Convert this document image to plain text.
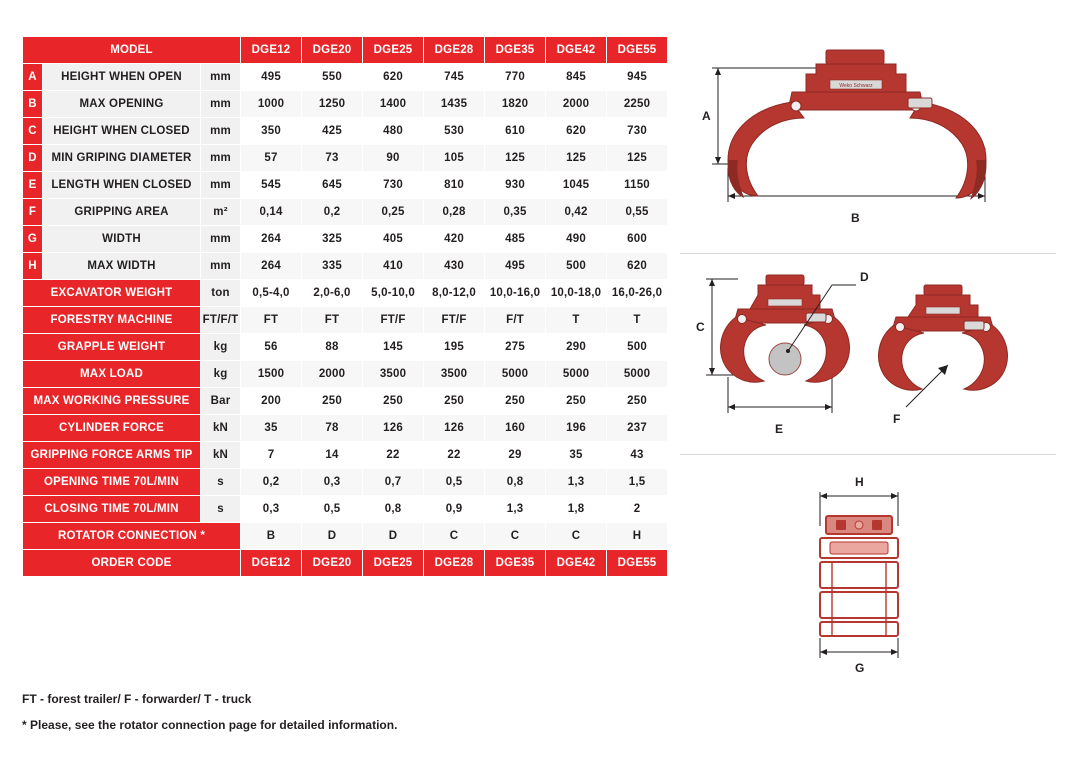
MODEL			DGE12	DGE20	DGE25	DGE28	DGE35	DGE42	DGE55
A	HEIGHT WHEN OPEN	mm	495	550	620	745	770	845	945
B	MAX OPENING	mm	1000	1250	1400	1435	1820	2000	2250
C	HEIGHT WHEN CLOSED	mm	350	425	480	530	610	620	730
D	MIN GRIPING DIAMETER	mm	57	73	90	105	125	125	125
E	LENGTH WHEN CLOSED	mm	545	645	730	810	930	1045	1150
F	GRIPPING AREA	m²	0,14	0,2	0,25	0,28	0,35	0,42	0,55
G	WIDTH	mm	264	325	405	420	485	490	600
H	MAX WIDTH	mm	264	335	410	430	495	500	620
EXCAVATOR WEIGHT		ton	0,5-4,0	2,0-6,0	5,0-10,0	8,0-12,0	10,0-16,0	10,0-18,0	16,0-26,0
FORESTRY MACHINE		FT/F/T	FT	FT	FT/F	FT/F	F/T	T	T
GRAPPLE WEIGHT		kg	56	88	145	195	275	290	500
MAX LOAD		kg	1500	2000	3500	3500	5000	5000	5000
MAX WORKING PRESSURE		Bar	200	250	250	250	250	250	250
CYLINDER FORCE		kN	35	78	126	126	160	196	237
GRIPPING FORCE ARMS TIP		kN	7	14	22	22	29	35	43
OPENING TIME 70L/MIN		s	0,2	0,3	0,7	0,5	0,8	1,3	1,5
CLOSING TIME 70L/MIN		s	0,3	0,5	0,8	0,9	1,3	1,8	2
ROTATOR CONNECTION *			B	D	D	C	C	C	H
ORDER CODE			DGE12	DGE20	DGE25	DGE28	DGE35	DGE42	DGE55
FT - forest trailer/ F - forwarder/ T - truck
* Please, see the rotator connection page for detailed information.
Weko Schwarz
A
B
C
E
D
F
H
G
